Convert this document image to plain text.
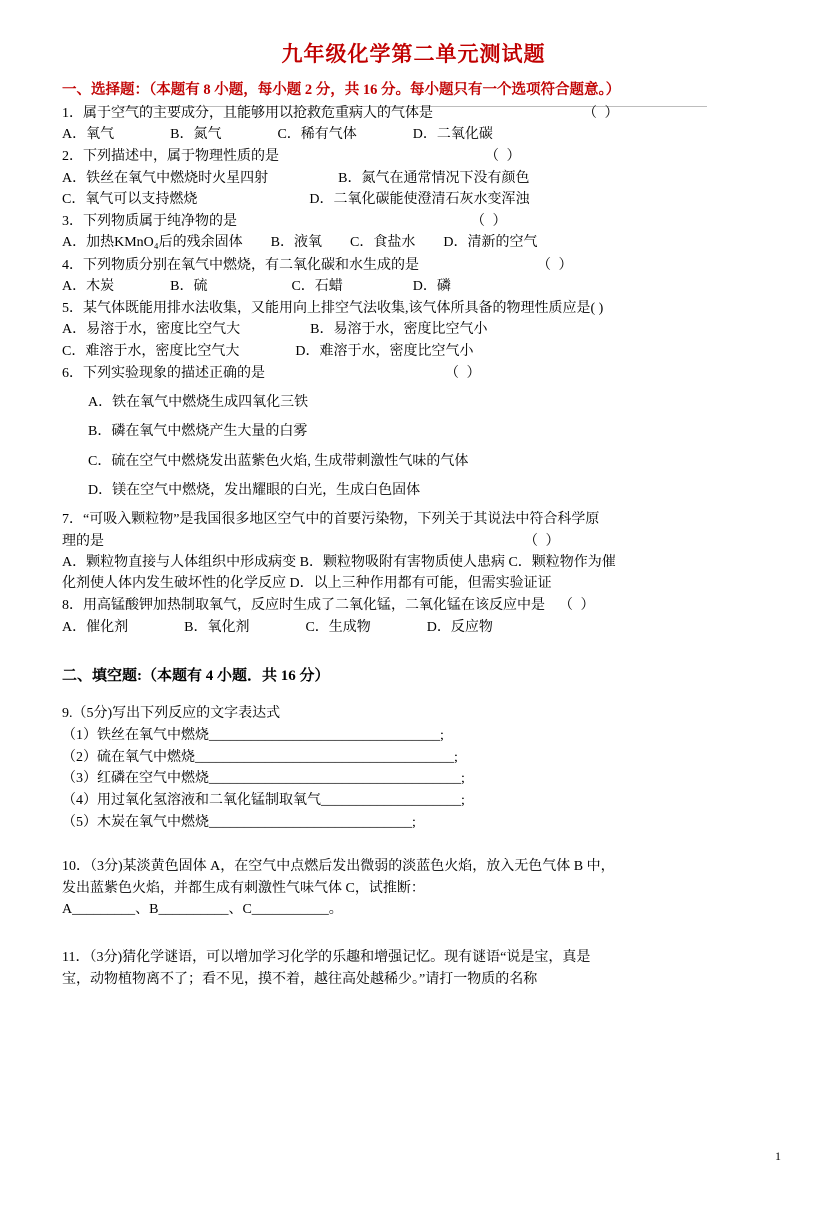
九年级化学第二单元测试题
一、选择题：（本题有 8 小题，每小题 2 分，共 16 分。每小题只有一个选项符合题意。）
1．属于空气的主要成分，且能够用以抢救危重病人的气体是	（ ）
A．氧气　　　　B．氮气　　　　C．稀有气体　　　　D．二氧化碳
2．下列描述中，属于物理性质的是	（ ）
A．铁丝在氧气中燃烧时火星四射　　　　　B．氮气在通常情况下没有颜色
C．氧气可以支持燃烧　　　　　　　　D．二氧化碳能使澄清石灰水变浑浊
3．下列物质属于纯净物的是	（ ）
A．加热KMnO₄后的残余固体　　B．液氧　　C．食盐水　　D．清新的空气
4．下列物质分别在氧气中燃烧，有二氧化碳和水生成的是	（ ）
A．木炭　　　　B．硫　　　　　　C．石蜡　　　　　D．磷
5．某气体既能用排水法收集，又能用向上排空气法收集,该气体所具备的物理性质应是( )
A．易溶于水，密度比空气大　　　　　B．易溶于水，密度比空气小
C．难溶于水，密度比空气大　　　　D．难溶于水，密度比空气小
6．下列实验现象的描述正确的是	（ ）
A．铁在氧气中燃烧生成四氧化三铁
B．磷在氧气中燃烧产生大量的白雾
C．硫在空气中燃烧发出蓝紫色火焰, 生成带刺激性气味的气体
D．镁在空气中燃烧，发出耀眼的白光，生成白色固体
7．“可吸入颗粒物”是我国很多地区空气中的首要污染物，下列关于其说法中符合科学原
理的是	（ ）
A．颗粒物直接与人体组织中形成病变 B．颗粒物吸附有害物质使人患病 C．颗粒物作为催
化剂使人体内发生破坏性的化学反应 D．以上三种作用都有可能，但需实验证证
8．用高锰酸钾加热制取氧气，反应时生成了二氧化锰，二氧化锰在该反应中是 （ ）
A．催化剂　　　　B．氧化剂　　　　C．生成物　　　　D．反应物
二、填空题:（本题有 4 小题．共 16 分）
9.（5分)写出下列反应的文字表达式
（1）铁丝在氧气中燃烧_________________________________;
（2）硫在氧气中燃烧_____________________________________;
（3）红磷在空气中燃烧____________________________________;
（4）用过氧化氢溶液和二氧化锰制取氧气____________________;
（5）木炭在氧气中燃烧_____________________________;
10．（3分)某淡黄色固体 A，在空气中点燃后发出微弱的淡蓝色火焰，放入无色气体 B 中，
发出蓝紫色火焰，并都生成有刺激性气味气体 C，试推断：
A_________、B__________、C___________。
11．（3分)猜化学谜语，可以增加学习化学的乐趣和增强记忆。现有谜语“说是宝，真是
宝，动物植物离不了；看不见，摸不着，越往高处越稀少。”请打一物质的名称
1
